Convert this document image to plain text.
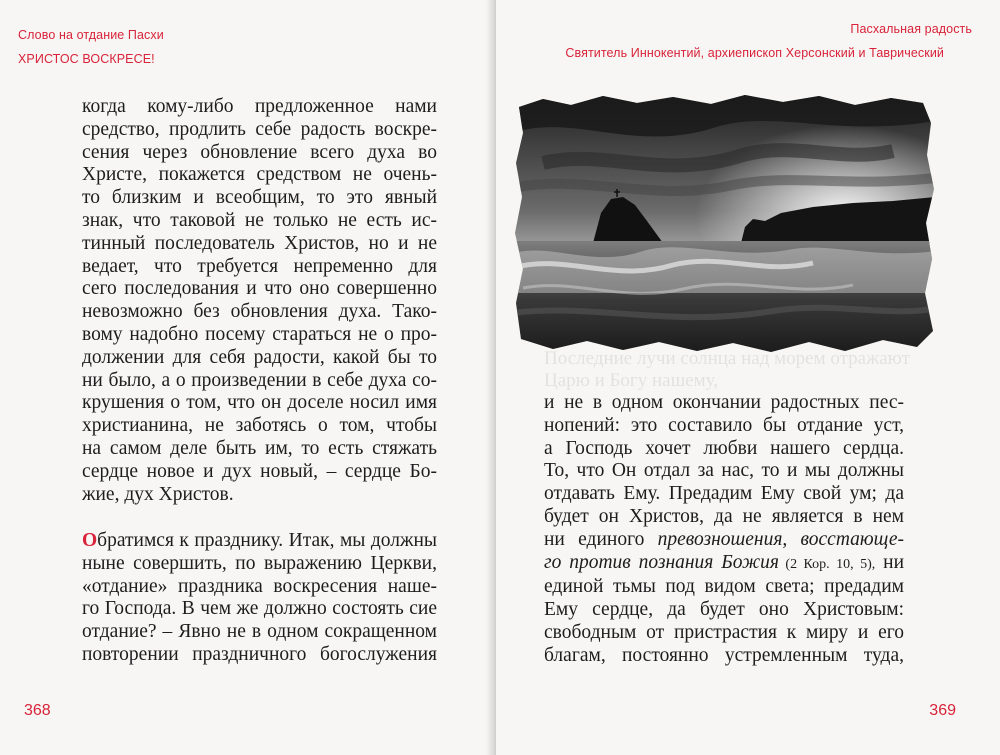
Слово на отдание Пасхи
ХРИСТОС ВОСКРЕСЕ!
когда кому-либо предложенное нами
средство, продлить себе радость воскре-
сения через обновление всего духа во
Христе, покажется средством не очень-
то близким и всеобщим, то это явный
знак, что таковой не только не есть ис-
тинный последователь Христов, но и не
ведает, что требуется непременно для
сего последования и что оно совершенно
невозможно без обновления духа. Тако-
вому надобно посему стараться не о про-
должении для себя радости, какой бы то
ни было, а о произведении в себе духа со-
крушения о том, что он доселе носил имя
христианина, не заботясь о том, чтобы
на самом деле быть им, то есть стяжать
сердце новое и дух новый, – сердце Бо-
жие, дух Христов.
Обратимся к празднику. Итак, мы должны
ныне совершить, по выражению Церкви,
«отдание» праздника воскресения наше-
го Господа. В чем же должно состоять сие
отдание? – Явно не в одном сокращенном
повторении праздничного богослужения
368
Пасхальная радость
Святитель Иннокентий, архиепископ Херсонский и Таврический
369
Последние лучи солнца над морем отражают
Царю и Богу нашему,
и не в одном окончании радостных пес-
нопений: это составило бы отдание уст,
а Господь хочет любви нашего сердца.
То, что Он отдал за нас, то и мы должны
отдавать Ему. Предадим Ему свой ум; да
будет он Христов, да не является в нем
ни единого превозношения, восстающе-
го против познания Божия (2 Кор. 10, 5), ни
единой тьмы под видом света; предадим
Ему сердце, да будет оно Христовым:
свободным от пристрастия к миру и его
благам, постоянно устремленным туда,
